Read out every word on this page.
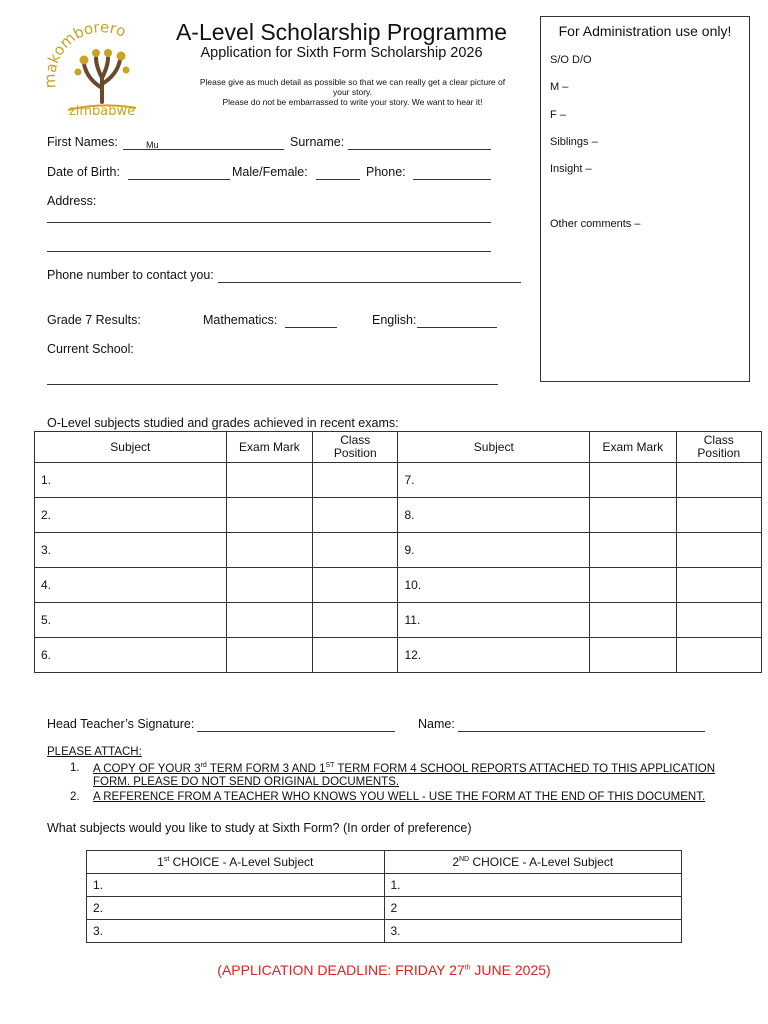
komborero
zimbabwe
A-Level Scholarship Programme
Application for Sixth Form Scholarship 2026
Please give as much detail as possible so that we can really get a clear picture of
your story.
Please do not be embarrassed to write your story. We want to hear it!
For Administration use only!
S/O D/O
M –
F –
Siblings –
Insight –
Other comments –
First Names:	Mu	Surname:
Date of Birth:	Male/Female:	Phone:
Address:
Phone number to contact you:
Grade 7 Results:	Mathematics:	English:
Current School:
O-Level subjects studied and grades achieved in recent exams:
Subject	Exam Mark	Class Position	Subject	Exam Mark	Class Position
1.			7.		
2.			8.		
3.			9.		
4.			10.		
5.			11.		
6.			12.		
Head Teacher’s Signature:	Name:
PLEASE ATTACH:
1. A COPY OF YOUR 3rd TERM FORM 3 AND 1ST TERM FORM 4 SCHOOL REPORTS ATTACHED TO THIS APPLICATION
FORM. PLEASE DO NOT SEND ORIGINAL DOCUMENTS.
2. A REFERENCE FROM A TEACHER WHO KNOWS YOU WELL - USE THE FORM AT THE END OF THIS DOCUMENT.
What subjects would you like to study at Sixth Form? (In order of preference)
1st CHOICE - A-Level Subject	2ND CHOICE - A-Level Subject
1.	1.
2.	2
3.	3.
(APPLICATION DEADLINE: FRIDAY 27th JUNE 2025)
